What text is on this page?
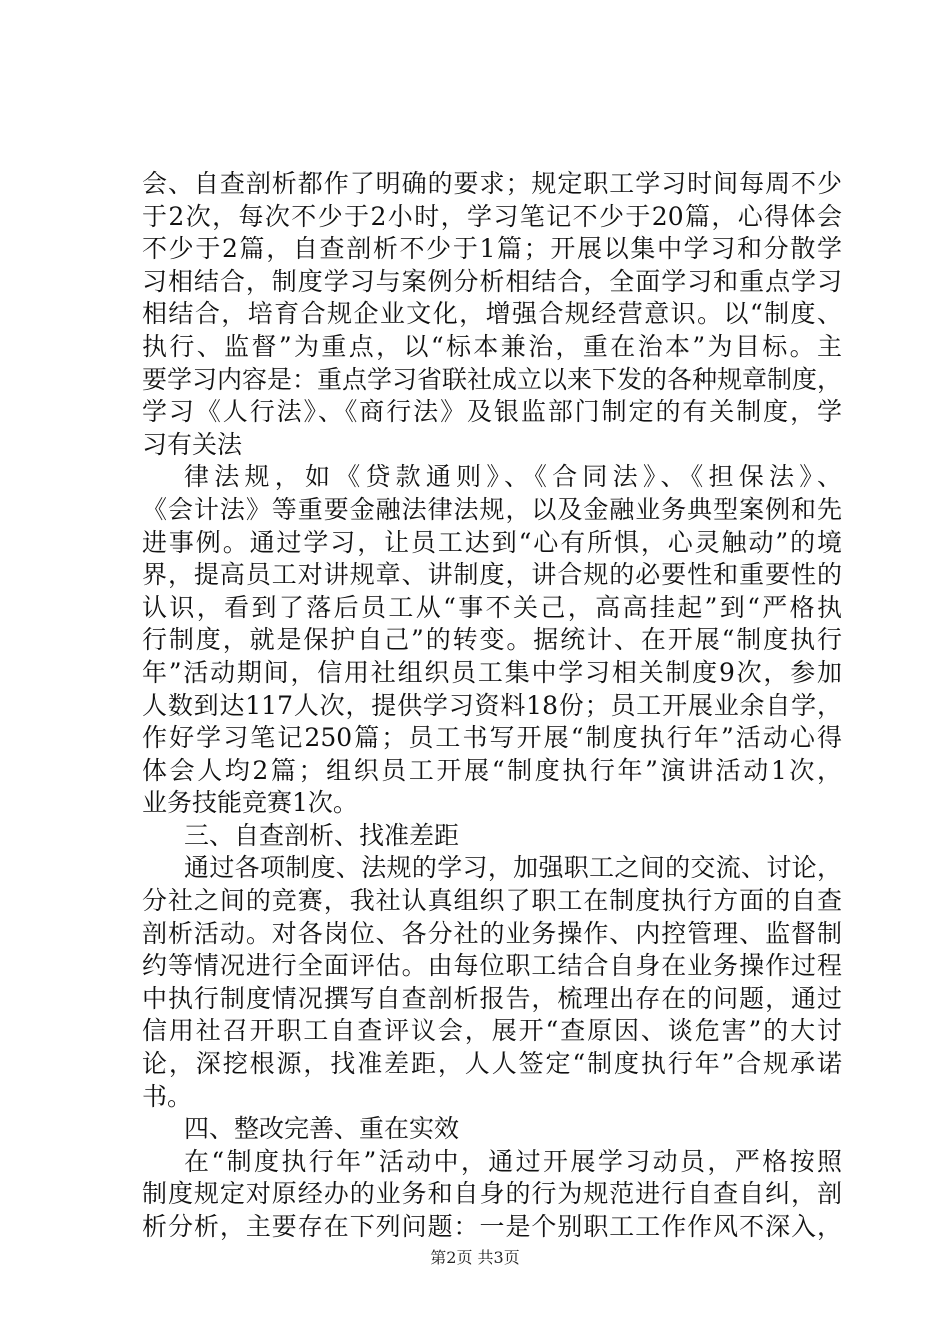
会、自查剖析都作了明确的要求；规定职工学习时间每周不少
于2次，每次不少于2小时，学习笔记不少于20篇，心得体会
不少于2篇，自查剖析不少于1篇；开展以集中学习和分散学
习相结合，制度学习与案例分析相结合，全面学习和重点学习
相结合，培育合规企业文化，增强合规经营意识。以“制度、
执行、监督”为重点，以“标本兼治，重在治本”为目标。主
要学习内容是：重点学习省联社成立以来下发的各种规章制度，
学习《人行法》、《商行法》及银监部门制定的有关制度，学
习有关法
律法规，如《贷款通则》、《合同法》、《担保法》、
《会计法》等重要金融法律法规，以及金融业务典型案例和先
进事例。通过学习，让员工达到“心有所惧，心灵触动”的境
界，提高员工对讲规章、讲制度，讲合规的必要性和重要性的
认识，看到了落后员工从“事不关己，高高挂起”到“严格执
行制度，就是保护自己”的转变。据统计、在开展“制度执行
年”活动期间，信用社组织员工集中学习相关制度9次，参加
人数到达117人次，提供学习资料18份；员工开展业余自学，
作好学习笔记250篇；员工书写开展“制度执行年”活动心得
体会人均2篇；组织员工开展“制度执行年”演讲活动1次，
业务技能竞赛1次。
三、自查剖析、找准差距
通过各项制度、法规的学习，加强职工之间的交流、讨论，
分社之间的竞赛，我社认真组织了职工在制度执行方面的自查
剖析活动。对各岗位、各分社的业务操作、内控管理、监督制
约等情况进行全面评估。由每位职工结合自身在业务操作过程
中执行制度情况撰写自查剖析报告，梳理出存在的问题，通过
信用社召开职工自查评议会，展开“查原因、谈危害”的大讨
论，深挖根源，找准差距，人人签定“制度执行年”合规承诺
书。
四、整改完善、重在实效
在“制度执行年”活动中，通过开展学习动员，严格按照
制度规定对原经办的业务和自身的行为规范进行自查自纠，剖
析分析，主要存在下列问题：一是个别职工工作作风不深入，
第2页 共3页
